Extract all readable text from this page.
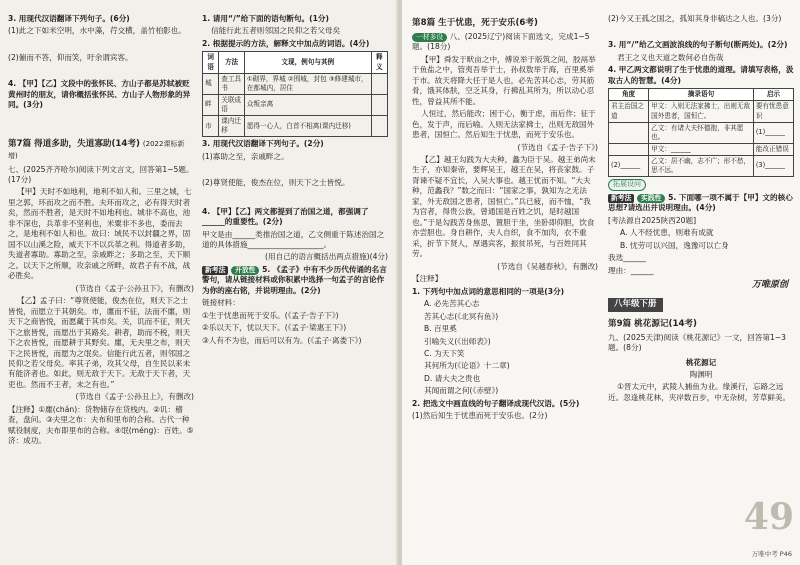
3. 用现代汉语翻译下列句子。(6分)

(1)此之下如米空明，水中藻，荇交横，盖竹柏影也。

(2)傰而不答，仰而笑，吁余谓宾客。

4. 【甲】【乙】文段中的张怀民、方山子都是苏轼被贬黄州时的朋友，请你概括张怀民、方山子人物形象的异同。(3分)

第7篇 得道多助，失道寡助(14考) (2022课标新增)

七、(2025齐齐哈尔)阅读下列文言文，回答第1~5题。(17分)

【甲】天时不如地利，地利不如人和。三里之城，七里之郭，环而攻之而不胜。夫环而攻之，必有得天时者矣，然而不胜者，是天时不如地利也。城非不高也，池非不深也，兵革非不坚利也，米粟非不多也，委而去之，是地利不如人和也。故曰：域民不以封疆之界，固国不以山溪之险，威天下不以兵革之利。得道者多助，失道者寡助。寡助之至，亲戚畔之；多助之至，天下顺之。以天下之所顺，攻亲戚之所畔，故君子有不战，战必胜矣。

(节选自《孟子·公孙丑下》，有删改)

【乙】孟子曰：“尊贤使能，俊杰在位，则天下之士皆悦，而愿立于其朝矣。市，廛而不征，法而不廛，则天下之商皆悦，而愿藏于其市矣。关，讥而不征，则天下之旅皆悦，而愿出于其路矣。耕者，助而不税，则天下之农皆悦，而愿耕于其野矣。廛，无夫里之布，则天下之民皆悦，而愿为之氓矣。信能行此五者，则邻国之民仰之若父母矣。率其子弟，攻其父母，自生民以来未有能济者也。如此，则无敌于天下。无敌于天下者，天吏也。然而不王者，未之有也。”

(节选自《孟子·公孙丑上》，有删改)

【注释】①廛(chán)：货物储存在货栈内。②讥：稽查，盘问。③夫里之布：夫布和里布的合称。古代一种赋役制度，夫布即里布的合称。④氓(méng)：百姓。⑤济：成功。

1. 请用“/”给下面的语句断句。(1分)

信能行此五者则邻国之民仰之若父母矣

2. 根据提示的方法，解释文中加点的词语。(4分)

词语	方法	文现，例句与其例	释义
城	查工具书	①砌界，界城 ②围城，封包 ③修建城市，在都城内，居住	
畔	关联成语	众叛亲离	
市	课内迁移	愿得一心人，白首不相离(课内迁移)	

3. 用现代汉语翻译下列句子。(2分)

(1)寡助之至，亲戚畔之。

(2)尊贤使能，俊杰在位，则天下之士皆悦。

4. 【甲】【乙】两文都提到了治国之道，都强调了______的重要性。(2分)

甲文是由______类推治国之道，乙文侧重于陈述治国之道的具体措施____________________。

(用自己的语言概括出两点措施)(4分)

新考法 开放性 5. 《孟子》中有不少历代传诵的名言警句，请从链接材料或你积累中选择一句孟子的言论作为你的座右铭，并说明理由。(2分)

链接材料：

①生于忧患而死于安乐。(《孟子·告子下》)

②乐以天下，忧以天下。(《孟子·梁惠王下》)

③人有不为也，而后可以有为。(《孟子·离娄下》)

第8篇 生于忧患，死于安乐(6考)

一材多设 八、(2025辽宁)阅读下面选文，完成1~5题。(18分)

【甲】舜发于畎亩之中，傅说举于版筑之间，胶鬲举于鱼盐之中，管夷吾举于士，孙叔敖举于海，百里奚举于市。故天将降大任于是人也，必先苦其心志，劳其筋骨，饿其体肤，空乏其身，行拂乱其所为，所以动心忍性，曾益其所不能。

人恒过，然后能改；困于心，衡于虑，而后作；征于色，发于声，而后喻。入则无法家拂士，出则无敌国外患者，国恒亡。然后知生于忧患，而死于安乐也。

(节选自《孟子·告子下》)

【乙】越王勾践为大夫种，蠡为臣于吴。越王弟尚未生子，亦知秦帝，要辉吴王，越王在吴，将丧家鼓。子胥谏不疑不宜长，入吴大事也。越王忧而不知。“大夫种，范蠡我？”数之而曰：“国家之事，孰知为之无法家，外无敌国之患者，国恒亡。”兵已疲，而不恤，“我为宫者，得贵公族，曾通国是百姓之饥，是时越国也。”于是勾践苦身焦思，置胆于坐，坐卧即仰胆，饮食亦尝胆也。身自耕作，夫人自织，食不加肉，衣不重采，折节下贤人，厚遇宾客，振贫吊死，与百姓同其劳。

(节选自《吴越春秋》，有删改)

【注释】

1. 下列句中加点词的意思相同的一项是(3分)

A. 必先苦其心志

苦其心志(《北冥有鱼》)

B. 百里奚

引喻失义(《出师表》)

C. 为天下笑

其何所为(《论语》十二章)

D. 请大夫之贵也

其闻而谓之何(《赤壁》)

2. 把选文中画直线的句子翻译成现代汉语。(5分)

(1)然后知生于忧患而死于安乐也。(2分)

(2)今又王孤之国之，孤知其身非稿达之人也。(3分)

3. 用“/”给乙文画波浪线的句子断句(断两处)。(2分)

君王之义也天道之数何必自伤哉

4. 甲乙两文都说明了生于忧患的道理。请填写表格，汲取古人的智慧。(4分)

角度	摘录语句	启示
君主治国之道	甲文：入则无法家拂士，出则无敌国外患者，国恒亡。	要有忧患意识
	乙文：有诸大夫怀德抱，非其愿也。	(1)______
	甲文：______	能改正错误
(2)______	乙文：居不幽，志不广；形不愁，思不远。	(3)______

拓展设问

新考法 实践性 5. 下面哪一项不属于【甲】文的核心思想?请选出并说明理由。(4分)

[考法源自2025陕西20题]

A. 人不经忧患，则难有成就

B. 忧劳可以兴国，逸豫可以亡身

我选______

理由：______

万唯原创
八年级下册

第9篇 桃花源记(14考)

九、(2025天津)阅读《桃花源记》一文，回答第1~3题。(8分)

桃花源记

陶渊明

①晋太元中，武陵人捕鱼为业。缘溪行，忘路之远近。忽逢桃花林，夹岸数百步，中无杂树，芳草鲜美。

49
万唯中考 P46
